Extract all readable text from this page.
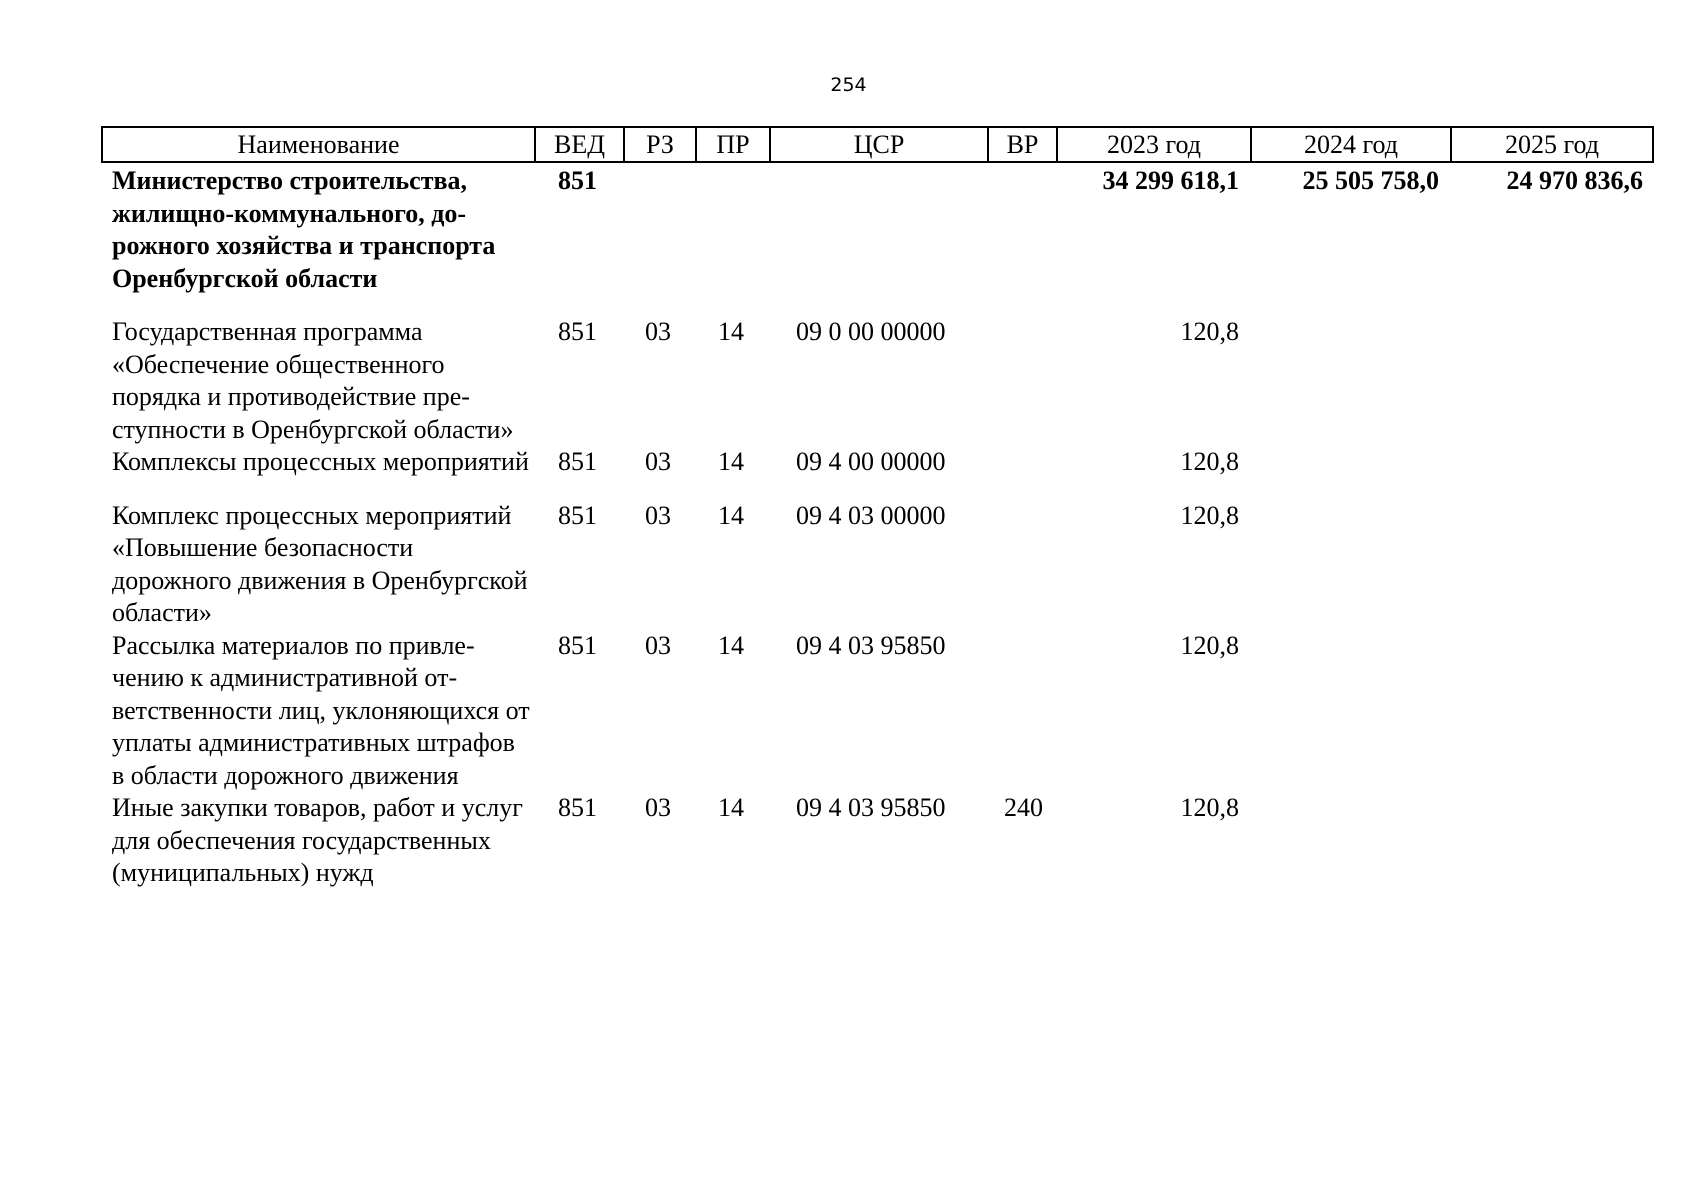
254
Наименование	ВЕД	РЗ	ПР	ЦСР	ВР	2023 год	2024 год	2025 год
Министерство строительства, жилищно-коммунального, дорожного хозяйства и транспорта Оренбургской области	851					34 299 618,1	25 505 758,0	24 970 836,6
Государственная программа «Обеспечение общественного порядка и противодействие преступности в Оренбургской области»	851	03	14	09 0 00 00000		120,8		
Комплексы процессных мероприятий	851	03	14	09 4 00 00000		120,8		
Комплекс процессных мероприятий «Повышение безопасности дорожного движения в Оренбургской области»	851	03	14	09 4 03 00000		120,8		
Рассылка материалов по привлечению к административной ответственности лиц, уклоняющихся от уплаты административных штрафов в области дорожного движения	851	03	14	09 4 03 95850		120,8		
Иные закупки товаров, работ и услуг для обеспечения государственных (муниципальных) нужд	851	03	14	09 4 03 95850	240	120,8		
